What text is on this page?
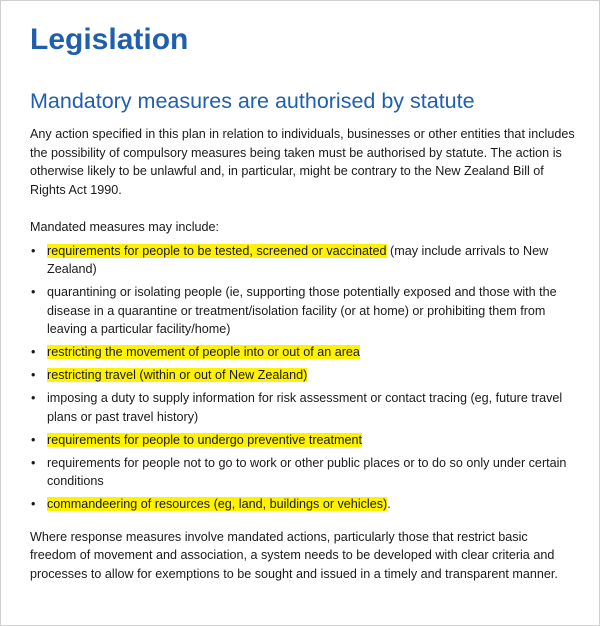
Legislation
Mandatory measures are authorised by statute

Any action specified in this plan in relation to individuals, businesses or other entities that includes the possibility of compulsory measures being taken must be authorised by statute. The action is otherwise likely to be unlawful and, in particular, might be contrary to the New Zealand Bill of Rights Act 1990.

Mandated measures may include:

• requirements for people to be tested, screened or vaccinated (may include arrivals to New Zealand)
• quarantining or isolating people (ie, supporting those potentially exposed and those with the disease in a quarantine or treatment/isolation facility (or at home) or prohibiting them from leaving a particular facility/home)
• restricting the movement of people into or out of an area
• restricting travel (within or out of New Zealand)
• imposing a duty to supply information for risk assessment or contact tracing (eg, future travel plans or past travel history)
• requirements for people to undergo preventive treatment
• requirements for people not to go to work or other public places or to do so only under certain conditions
• commandeering of resources (eg, land, buildings or vehicles).

Where response measures involve mandated actions, particularly those that restrict basic freedom of movement and association, a system needs to be developed with clear criteria and processes to allow for exemptions to be sought and issued in a timely and transparent manner.
